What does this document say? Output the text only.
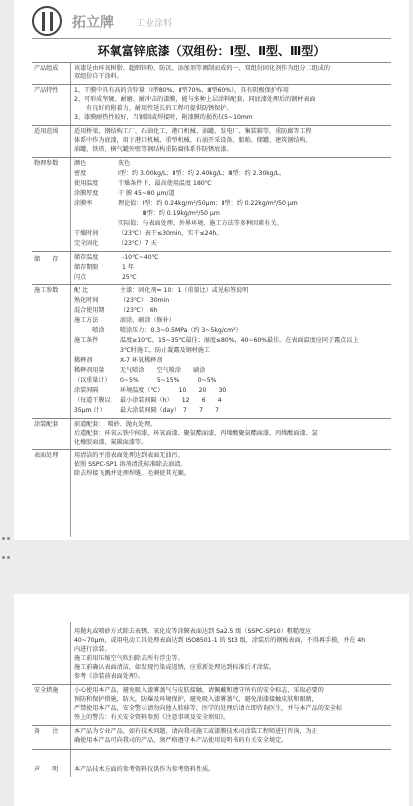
拓立牌 工业涂料
环氧富锌底漆（双组份：Ⅰ型、Ⅱ型、Ⅲ型）
产品组成	该漆是由环氧树脂、超细锌粉、防沉、添加剂等调制而成的一、双组份固化剂作为组分二组成的
双组份自干涂料。
产品特性	1、干膜中具有高的含锌量（Ⅰ型80%、Ⅱ型70%、Ⅲ型60%），具有阴极保护作用
2、可形成坚硬、耐磨、耐冲击的漆膜，能与多种上层涂料配套，同底漆处理后的钢材表面
　　有良好的附着力，耐用性延长的工程可提供防锈保护。
3、漆膜耐热性较好，当钢制或焊接时，附漆膜的损伤仅5~10mm
适用范围	适用桥梁、钢结构工厂、石油化工、港口机械、油罐、发电厂、集装箱等，重防腐等工程
体系中作为底漆，用于港口机械、重型机械、石油开采设备、船舶、储罐、建筑钢结构、
油罐、铁塔、横气罐外壁等钢结构重防腐体系作防锈底漆。
物理参数	颜色	灰色
密度	Ⅰ型：约 3.00kg/L；Ⅱ型：约 2.40kg/L；Ⅲ型：约 2.30kg/L。
使用温度	干燥条件下，最高使用温度 180℃
涂膜厚度	干 膜 45~80 μm/道
涂膜率	理论值：Ⅰ型：约 0.24kg/m²/50μm；Ⅱ型：约 0.22kg/m²/50 μm
　　　　Ⅲ型：约 0.19kg/m²/50 μm
实际值：与表面处理、外界环境、施工方法等多种因素有关。
干燥时间	（23℃）表干≤30min，实干≤24h。
完全固化	（23℃）7 天
储　　存	储存温度	-10℃~40℃
储存期限	1 年
闪点	25℃
施工参数	配 比	主漆：固化剂= 10：1（重量比）或见标签说明
熟化时间	（23℃）　30min
混合使用期	（23℃）　6h
施工方法	滚涂、刷涂（修补）
　　　喷涂	喷涂压力：0.3~0.5MPa（约 3~5kg/cm²）
施工条件	温度≥10℃，15~35℃最佳；湿度≤80%，40~60%最佳。在表面温度应同于露点以上
3℃时施工，防止凝露及钢材施工
稀释剂	X-7 环氧稀释剂
稀释剂用量	无气喷涂　　空气喷涂　　刷涂
（以重量计） 0~5%　　　5~15%　　　0~5%
涂装间隔	环境温度（℃）　　　10　　20　　30
（每道干膜以 最小涂装间隔（h）　　12　　6　　4
35μm 计） 最大涂装间隔（day）　7　　7　　7
涂装配套	前道配套：　喷砂、抛丸处理。
后道配套：环氧云铁中间漆、环氧面漆、聚氨酯面漆、丙烯酸聚氨酯面漆、丙烯酸面漆、氯
化橡胶面漆、氟碳面漆等。
表面处理	用清洁的平滑表面处理达到表面无油污。
依照 SSPC-SP1 溶剂清洗标准除去油渍。
除去焊接飞溅并处理焊缝，毛刺使其光顺。

用抛丸或喷砂方式除去表锈、氧化皮等涂膜表面达到 Sa2.5 级（SSPC-SP10）粗糙度应
40~70μm，或用电动工具处理表面达到 ISO8501-1 的 St3 级，涂装后的钢板表面，不得再手摸，并在 4h
内进行涂装。
施工前用压缩空气吹扫除去所有浮尘等。
施工前确认表面清洁，如发现污染或返锈，应重新处理达到标准后才涂装。
参考《涂装前表面处理》。
安全措施	小心使用本产品，避免吸入漆雾蒸气与皮肤接触，请佩戴和遵守所有的安全标志，采取必要的
预防和保护措施，防火，防爆及环境保护，避免吸入漆雾蒸气，避免油漆接触皮肤和眼睛，
严禁使用本产品，安全警示请勿向他人转移等，医学的处理后请立即咨询医生，并与本产品的安全标
签上的警告：有关安全资料参照《注意事项及安全须知》。
备　　注	本产品为专业产品，如有技术问题，请向我司施工或漆膜技术司涂装工程师进行咨询，为正
确使用本产品可向我司的产品，须严格遵守本产品使用说明书的有关安全规定。
声　　明	本产品技术方面的参考资料仅供作为参考资料性质。
